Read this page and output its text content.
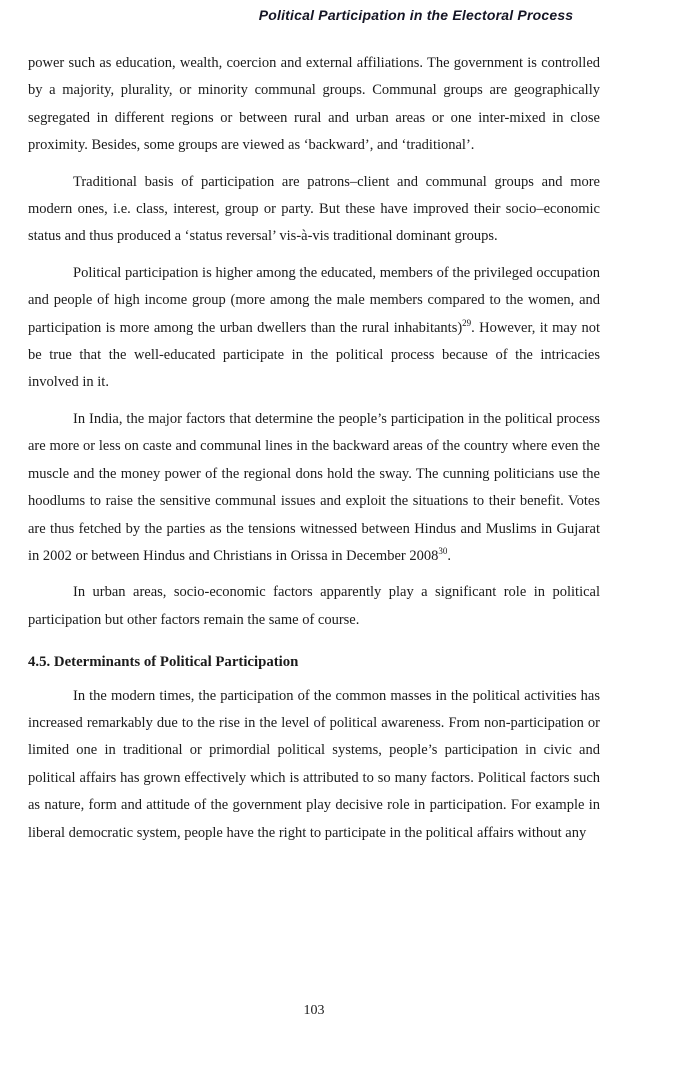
Political Participation in the Electoral Process

power such as education, wealth, coercion and external affiliations. The government is controlled by a majority, plurality, or minority communal groups. Communal groups are geographically segregated in different regions or between rural and urban areas or one inter-mixed in close proximity. Besides, some groups are viewed as ‘backward’, and ‘traditional’.

Traditional basis of participation are patrons–client and communal groups and more modern ones, i.e. class, interest, group or party. But these have improved their socio–economic status and thus produced a ‘status reversal’ vis-à-vis traditional dominant groups.

Political participation is higher among the educated, members of the privileged occupation and people of high income group (more among the male members compared to the women, and participation is more among the urban dwellers than the rural inhabitants)$^{29}$. However, it may not be true that the well-educated participate in the political process because of the intricacies involved in it.

In India, the major factors that determine the people’s participation in the political process are more or less on caste and communal lines in the backward areas of the country where even the muscle and the money power of the regional dons hold the sway. The cunning politicians use the hoodlums to raise the sensitive communal issues and exploit the situations to their benefit. Votes are thus fetched by the parties as the tensions witnessed between Hindus and Muslims in Gujarat in 2002 or between Hindus and Christians in Orissa in December 2008$^{30}$.

In urban areas, socio-economic factors apparently play a significant role in political participation but other factors remain the same of course.

4.5. Determinants of Political Participation

In the modern times, the participation of the common masses in the political activities has increased remarkably due to the rise in the level of political awareness. From non-participation or limited one in traditional or primordial political systems, people’s participation in civic and political affairs has grown effectively which is attributed to so many factors. Political factors such as nature, form and attitude of the government play decisive role in participation. For example in liberal democratic system, people have the right to participate in the political affairs without any

103
